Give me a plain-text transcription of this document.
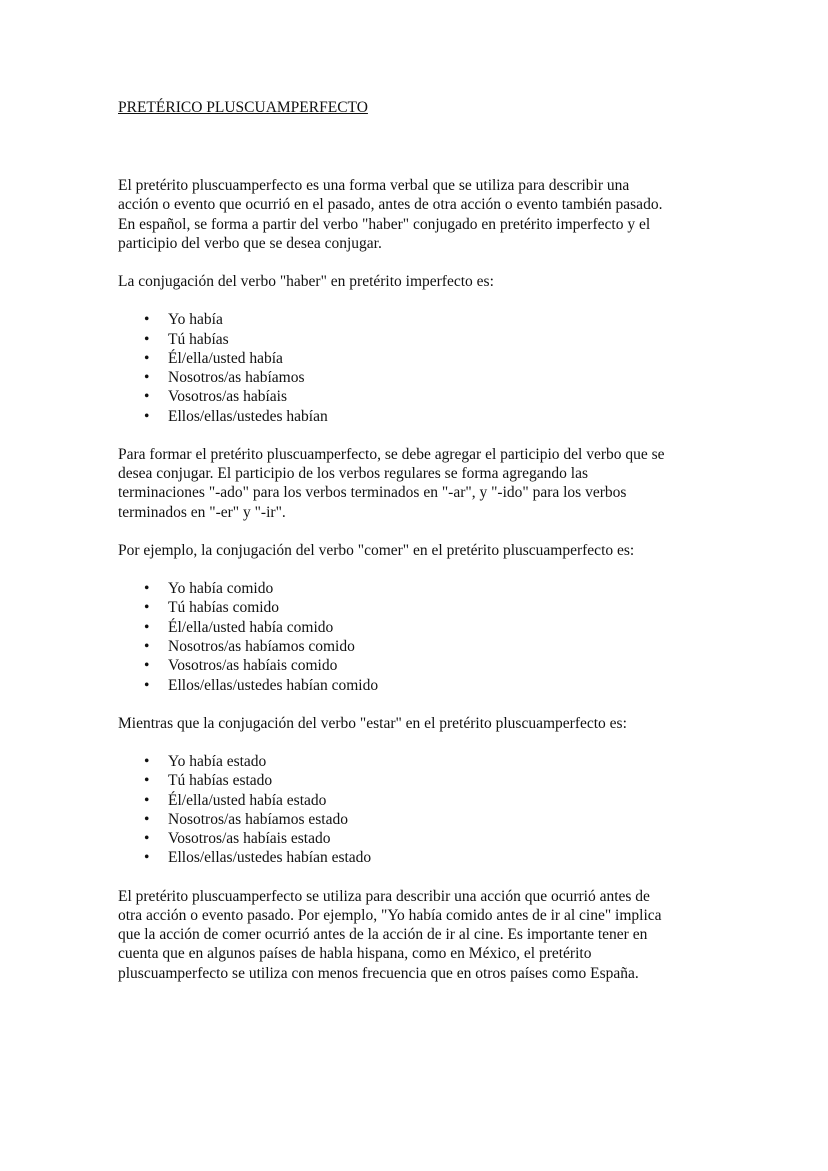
PRETÉRICO PLUSCUAMPERFECTO

El pretérito pluscuamperfecto es una forma verbal que se utiliza para describir una
acción o evento que ocurrió en el pasado, antes de otra acción o evento también pasado.
En español, se forma a partir del verbo "haber" conjugado en pretérito imperfecto y el
participio del verbo que se desea conjugar.

La conjugación del verbo "haber" en pretérito imperfecto es:

• Yo había
• Tú habías
• Él/ella/usted había
• Nosotros/as habíamos
• Vosotros/as habíais
• Ellos/ellas/ustedes habían

Para formar el pretérito pluscuamperfecto, se debe agregar el participio del verbo que se
desea conjugar. El participio de los verbos regulares se forma agregando las
terminaciones "-ado" para los verbos terminados en "-ar", y "-ido" para los verbos
terminados en "-er" y "-ir".

Por ejemplo, la conjugación del verbo "comer" en el pretérito pluscuamperfecto es:

• Yo había comido
• Tú habías comido
• Él/ella/usted había comido
• Nosotros/as habíamos comido
• Vosotros/as habíais comido
• Ellos/ellas/ustedes habían comido

Mientras que la conjugación del verbo "estar" en el pretérito pluscuamperfecto es:

• Yo había estado
• Tú habías estado
• Él/ella/usted había estado
• Nosotros/as habíamos estado
• Vosotros/as habíais estado
• Ellos/ellas/ustedes habían estado

El pretérito pluscuamperfecto se utiliza para describir una acción que ocurrió antes de
otra acción o evento pasado. Por ejemplo, "Yo había comido antes de ir al cine" implica
que la acción de comer ocurrió antes de la acción de ir al cine. Es importante tener en
cuenta que en algunos países de habla hispana, como en México, el pretérito
pluscuamperfecto se utiliza con menos frecuencia que en otros países como España.
